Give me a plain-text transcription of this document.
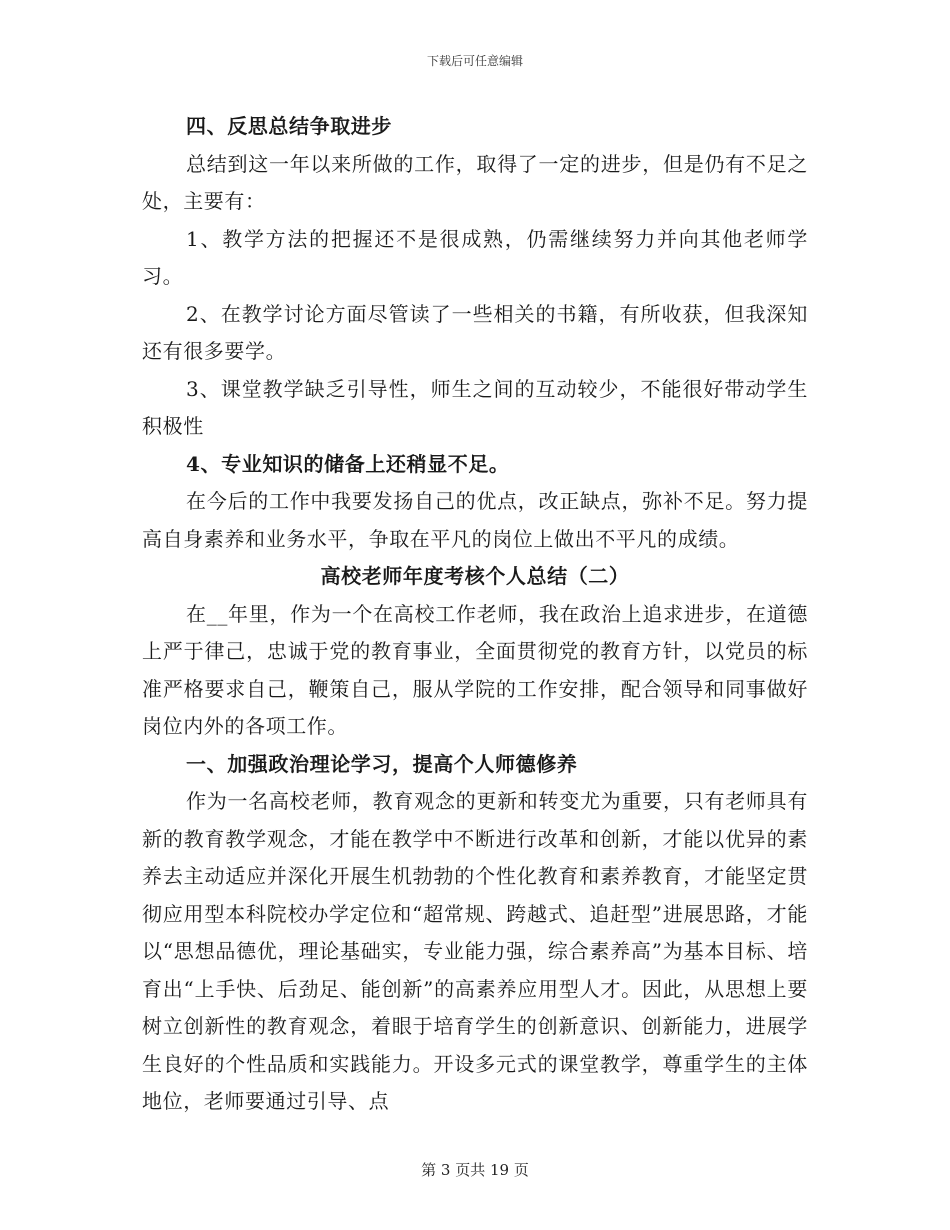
下载后可任意编辑

四、反思总结争取进步

总结到这一年以来所做的工作，取得了一定的进步，但是仍有不足之处，主要有：

1、教学方法的把握还不是很成熟，仍需继续努力并向其他老师学习。

2、在教学讨论方面尽管读了一些相关的书籍，有所收获，但我深知还有很多要学。

3、课堂教学缺乏引导性，师生之间的互动较少，不能很好带动学生积极性

4、专业知识的储备上还稍显不足。

在今后的工作中我要发扬自己的优点，改正缺点，弥补不足。努力提高自身素养和业务水平，争取在平凡的岗位上做出不平凡的成绩。

高校老师年度考核个人总结（二）

在__年里，作为一个在高校工作老师，我在政治上追求进步，在道德上严于律己，忠诚于党的教育事业，全面贯彻党的教育方针，以党员的标准严格要求自己，鞭策自己，服从学院的工作安排，配合领导和同事做好岗位内外的各项工作。

一、加强政治理论学习，提高个人师德修养

作为一名高校老师，教育观念的更新和转变尤为重要，只有老师具有新的教育教学观念，才能在教学中不断进行改革和创新，才能以优异的素养去主动适应并深化开展生机勃勃的个性化教育和素养教育，才能坚定贯彻应用型本科院校办学定位和“超常规、跨越式、追赶型”进展思路，才能以“思想品德优，理论基础实，专业能力强，综合素养高”为基本目标、培育出“上手快、后劲足、能创新”的高素养应用型人才。因此，从思想上要树立创新性的教育观念，着眼于培育学生的创新意识、创新能力，进展学生良好的个性品质和实践能力。开设多元式的课堂教学，尊重学生的主体地位，老师要通过引导、点

第 3 页共 19 页
